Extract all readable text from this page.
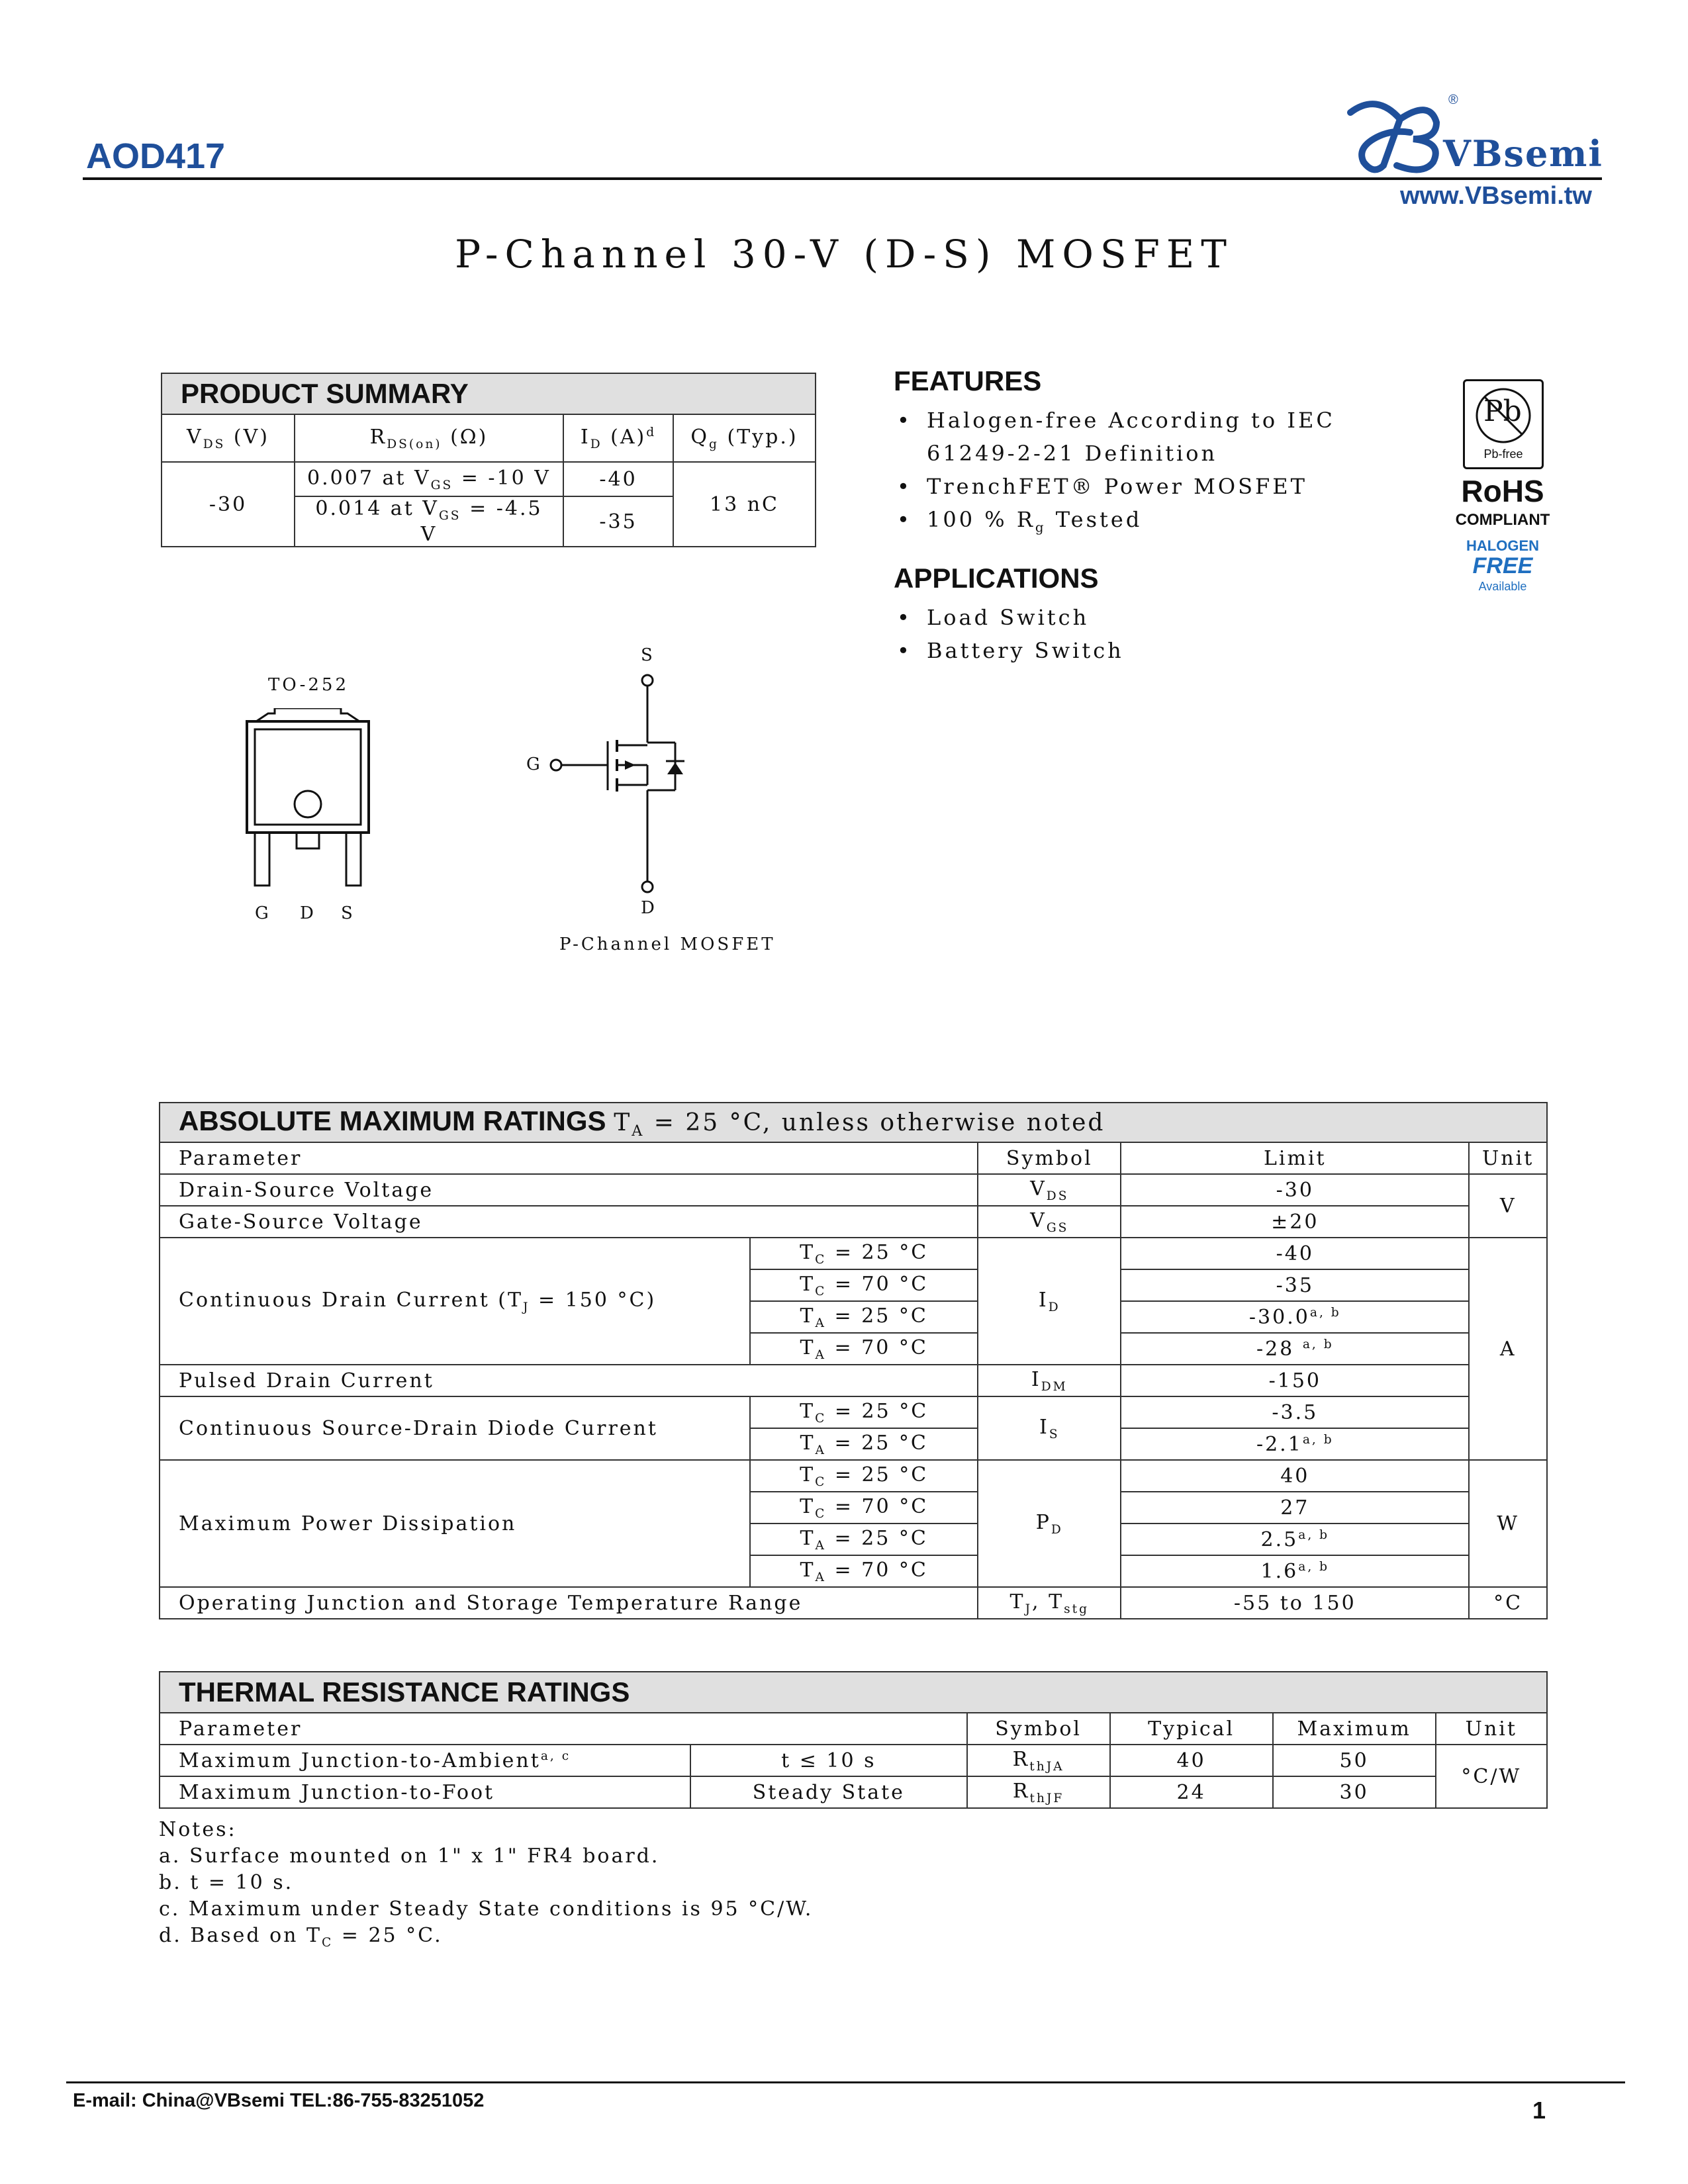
AOD417
®
VBsemi
www.VBsemi.tw
P-Channel 30-V (D-S) MOSFET
PRODUCT SUMMARY			
$V_{DS}$ (V)	$R_{DS(on)}$ (Ω)	$I_D$ $(A)^d$	$Q_g$ (Typ.)
-30	0.007 at $V_{GS} = -10$ V	-40	13 nC
	0.014 at $V_{GS} = -4.5$ V	-35	
FEATURES
• Halogen-free According to IEC 61249-2-21 Definition
• TrenchFET® Power MOSFET
• 100 % $R_g$ Tested
APPLICATIONS
• Load Switch
• Battery Switch
Pb
Pb-free
RoHS
COMPLIANT
HALOGEN
FREE
Available
TO-252
G D S
S
G
D
P-Channel MOSFET
ABSOLUTE MAXIMUM RATINGS $T_A = 25$ °C, unless otherwise noted				
Parameter		Symbol	Limit	Unit
Drain-Source Voltage		$V_{DS}$	-30	V
Gate-Source Voltage		$V_{GS}$	±20	
Continuous Drain Current ($T_J = 150$ °C)	$T_C = 25$ °C	$I_D$	-40	A
	$T_C = 70$ °C		-35	
	$T_A = 25$ °C		-30.0$^{a, b}$
	$T_A = 70$ °C		-28 $^{a, b}$
Pulsed Drain Current		$I_{DM}$	-150	
Continuous Source-Drain Diode Current	$T_C = 25$ °C	$I_S$	-3.5	
	$T_A = 25$ °C		-2.1$^{a, b}$
Maximum Power Dissipation	$T_C = 25$ °C	$P_D$	40	W
	$T_C = 70$ °C		27	
	$T_A = 25$ °C		2.5$^{a, b}$
	$T_A = 70$ °C		1.6$^{a, b}$
Operating Junction and Storage Temperature Range		$T_J$, $T_{stg}$	-55 to 150	°C
THERMAL RESISTANCE RATINGS					
Parameter		Symbol	Typical	Maximum	Unit
Maximum Junction-to-Ambient$^{a, c}$	t ≤ 10 s	$R_{thJA}$	40	50	°C/W
Maximum Junction-to-Foot	Steady State	$R_{thJF}$	24	30	
Notes:
a. Surface mounted on 1" x 1" FR4 board.
b. t = 10 s.
c. Maximum under Steady State conditions is 95 °C/W.
d. Based on $T_C = 25$ °C.
E-mail: China@VBsemi TEL:86-755-83251052	1
